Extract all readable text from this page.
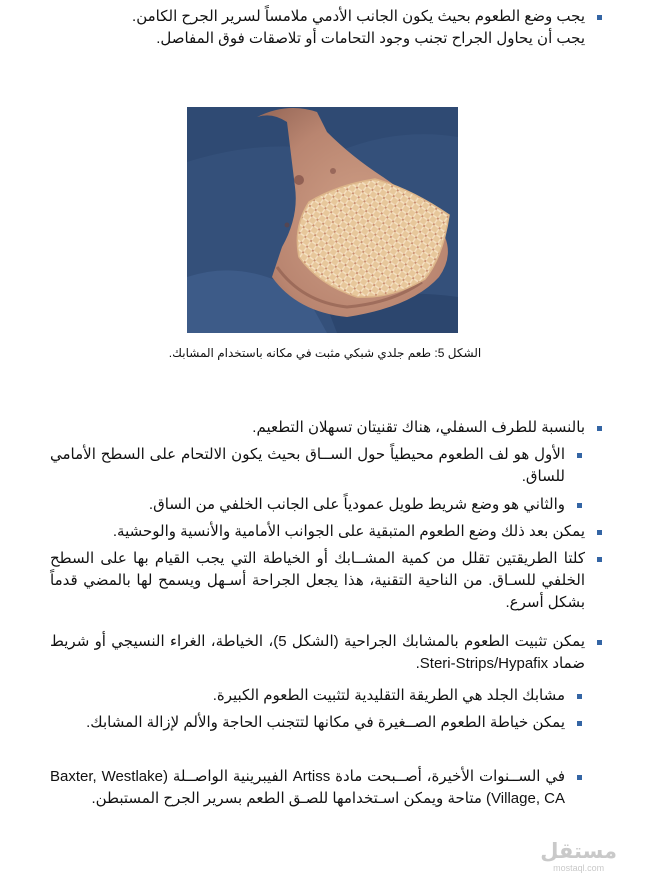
يجب وضع الطعوم بحيث يكون الجانب الأدمي ملامساً لسرير الجرح الكامن.
يجب أن يحاول الجراح تجنب وجود التحامات أو تلاصقات فوق المفاصل.
الشكل 5: طعم جلدي شبكي مثبت في مكانه باستخدام المشابك.
بالنسبة للطرف السفلي، هناك تقنيتان تسهلان التطعيم.
الأول هو لف الطعوم محيطياً حول الســاق بحيث يكون الالتحام على السطح الأمامي للساق.
والثاني هو وضع شريط طويل عمودياً على الجانب الخلفي من الساق.
يمكن بعد ذلك وضع الطعوم المتبقية على الجوانب الأمامية والأنسية والوحشية.
كلتا الطريقتين تقلل من كمية المشــابك أو الخياطة التي يجب القيام بها على السطح الخلفي للسـاق. من الناحية التقنية، هذا يجعل الجراحة أسـهل ويسمح لها بالمضي قدماً بشكل أسرع.
يمكن تثبيت الطعوم بالمشابك الجراحية (الشكل 5)، الخياطة، الغراء النسيجي أو شريط ضماد Steri-Strips/Hypafix.
مشابك الجلد هي الطريقة التقليدية لتثبيت الطعوم الكبيرة.
يمكن خياطة الطعوم الصــغيرة في مكانها لتتجنب الحاجة والألم لإزالة المشابك.
في الســنوات الأخيرة، أصــبحت مادة Artiss الفيبرينية الواصــلة (Baxter, Westlake Village, CA) متاحة ويمكن اسـتخدامها للصـق الطعم بسرير الجرح المستبطن.
مستقل
mostaql.com
